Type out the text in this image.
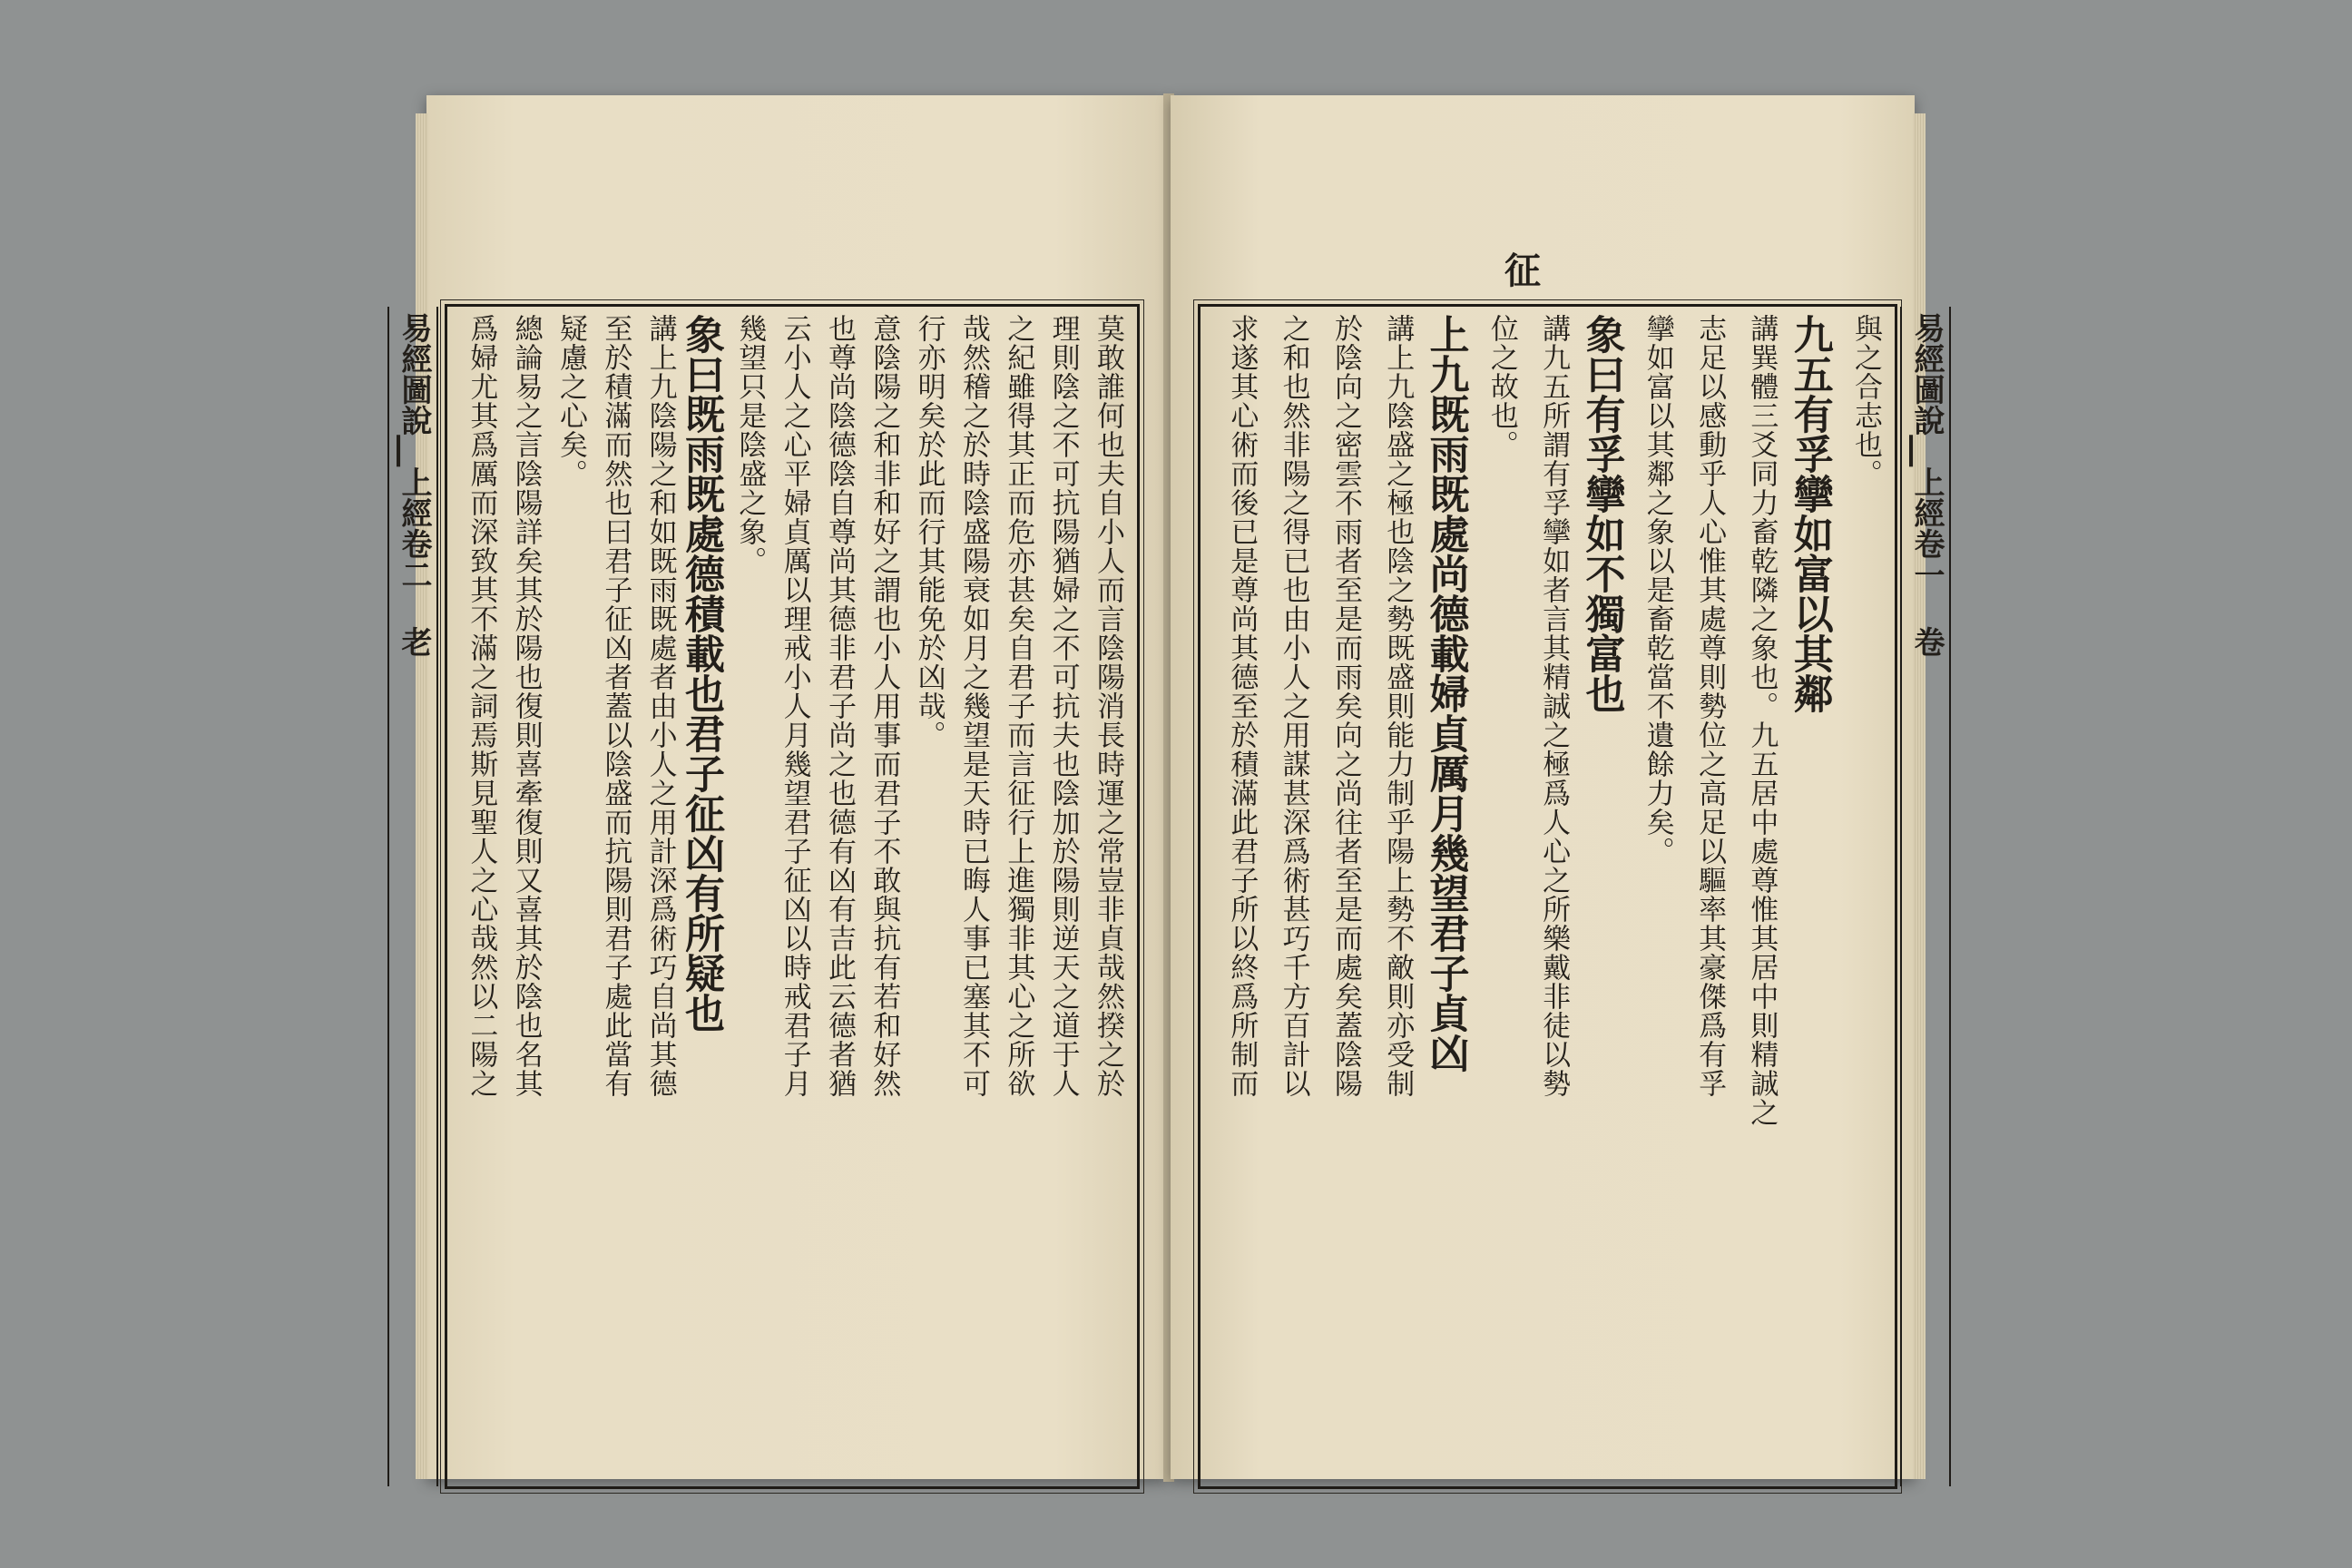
易經圖說⎸上經卷二 老	莫敢誰何也夫自小人而言陰陽消長時運之常豈非貞哉然揆之於
理則陰之不可抗陽猶婦之不可抗夫也陰加於陽則逆天之道于人
之紀雖得其正而危亦甚矣自君子而言征行上進獨非其心之所欲
哉然稽之於時陰盛陽衰如月之幾望是天時已晦人事已塞其不可
行亦明矣於此而行其能免於凶哉。
意陰陽之和非和好之謂也小人用事而君子不敢與抗有若和好然
也尊尚陰德陰自尊尚其德非君子尚之也德有凶有吉此云德者猶
云小人之心平婦貞厲以理戒小人月幾望君子征凶以時戒君子月
幾望只是陰盛之象。
象曰既雨既處德積載也君子征凶有所疑也
講上九陰陽之和如既雨既處者由小人之用計深爲術巧自尚其德
至於積滿而然也曰君子征凶者蓋以陰盛而抗陽則君子處此當有
疑慮之心矣。
總論易之言陰陽詳矣其於陽也復則喜牽復則又喜其於陰也名其
爲婦尤其爲厲而深致其不滿之詞焉斯見聖人之心哉然以二陽之
征
易經圖說⎸上經卷一 卷
與之合志也。
九五有孚攣如富以其鄰
講巽體三爻同力畜乾隣之象也。九五居中處尊惟其居中則精誠之
志足以感動乎人心惟其處尊則勢位之高足以驅率其豪傑爲有孚
攣如富以其鄰之象以是畜乾當不遺餘力矣。
象曰有孚攣如不獨富也
講九五所謂有孚攣如者言其精誠之極爲人心之所樂戴非徒以勢
位之故也。
上九既雨既處尚德載婦貞厲月幾望君子貞凶
講上九陰盛之極也陰之勢既盛則能力制乎陽上勢不敵則亦受制
於陰向之密雲不雨者至是而雨矣向之尚往者至是而處矣蓋陰陽
之和也然非陽之得已也由小人之用謀甚深爲術甚巧千方百計以
求遂其心術而後已是尊尚其德至於積滿此君子所以終爲所制而
